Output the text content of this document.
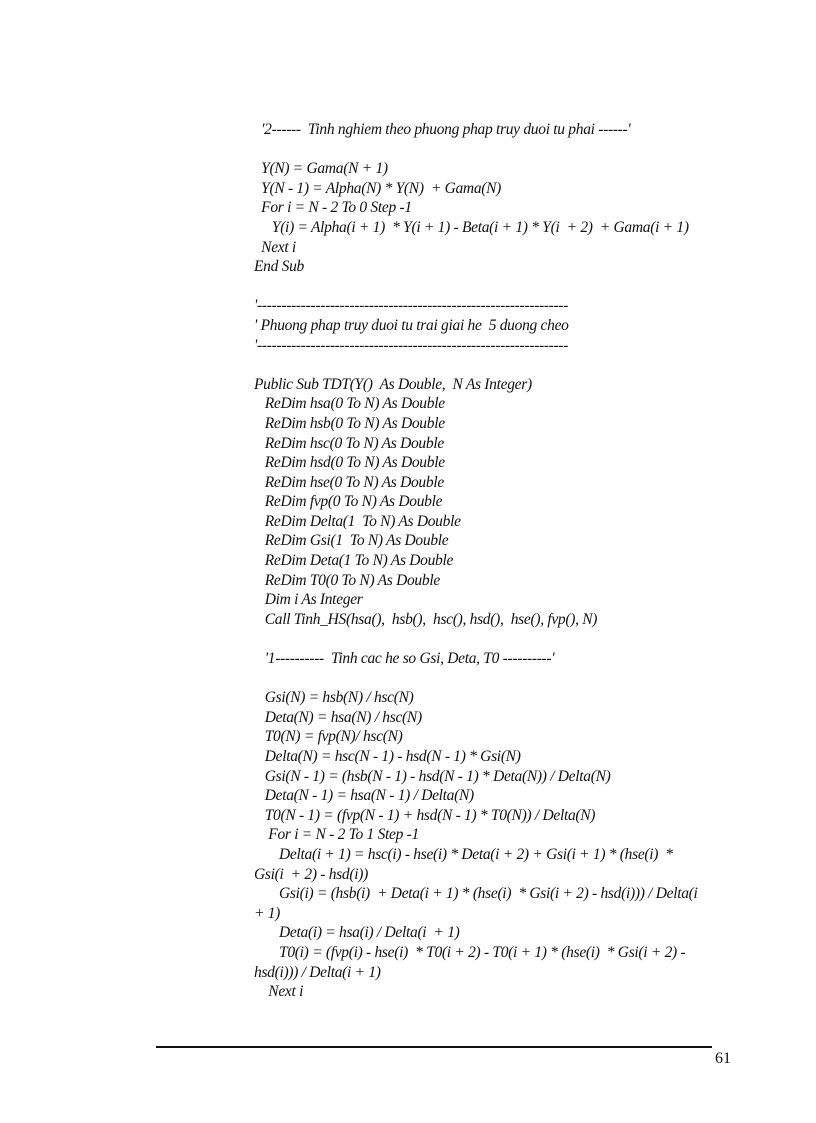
'2------  Tinh nghiem theo phuong phap truy duoi tu phai ------'
Y(N) = Gama(N + 1)
Y(N - 1) = Alpha(N) * Y(N)  + Gama(N)
For i = N - 2 To 0 Step -1
Y(i) = Alpha(i + 1)  * Y(i + 1) - Beta(i + 1) * Y(i  + 2)  + Gama(i + 1)
Next i
End Sub
'----------------------------------------------------------------
' Phuong phap truy duoi tu trai giai he  5 duong cheo
'----------------------------------------------------------------
Public Sub TDT(Y()  As Double,  N As Integer)
ReDim hsa(0 To N) As Double
ReDim hsb(0 To N) As Double
ReDim hsc(0 To N) As Double
ReDim hsd(0 To N) As Double
ReDim hse(0 To N) As Double
ReDim fvp(0 To N) As Double
ReDim Delta(1  To N) As Double
ReDim Gsi(1  To N) As Double
ReDim Deta(1 To N) As Double
ReDim T0(0 To N) As Double
Dim i As Integer
Call Tinh_HS(hsa(),  hsb(),  hsc(), hsd(),  hse(), fvp(), N)
'1----------  Tinh cac he so Gsi, Deta, T0 ----------'
Gsi(N) = hsb(N) / hsc(N)
Deta(N) = hsa(N) / hsc(N)
T0(N) = fvp(N)/ hsc(N)
Delta(N) = hsc(N - 1) - hsd(N - 1) * Gsi(N)
Gsi(N - 1) = (hsb(N - 1) - hsd(N - 1) * Deta(N)) / Delta(N)
Deta(N - 1) = hsa(N - 1) / Delta(N)
T0(N - 1) = (fvp(N - 1) + hsd(N - 1) * T0(N)) / Delta(N)
For i = N - 2 To 1 Step -1
Delta(i + 1) = hsc(i) - hse(i) * Deta(i + 2) + Gsi(i + 1) * (hse(i)  *
Gsi(i  + 2) - hsd(i))
Gsi(i) = (hsb(i)  + Deta(i + 1) * (hse(i)  * Gsi(i + 2) - hsd(i))) / Delta(i
+ 1)
Deta(i) = hsa(i) / Delta(i  + 1)
T0(i) = (fvp(i) - hse(i)  * T0(i + 2) - T0(i + 1) * (hse(i)  * Gsi(i + 2) -
hsd(i))) / Delta(i + 1)
Next i
61
